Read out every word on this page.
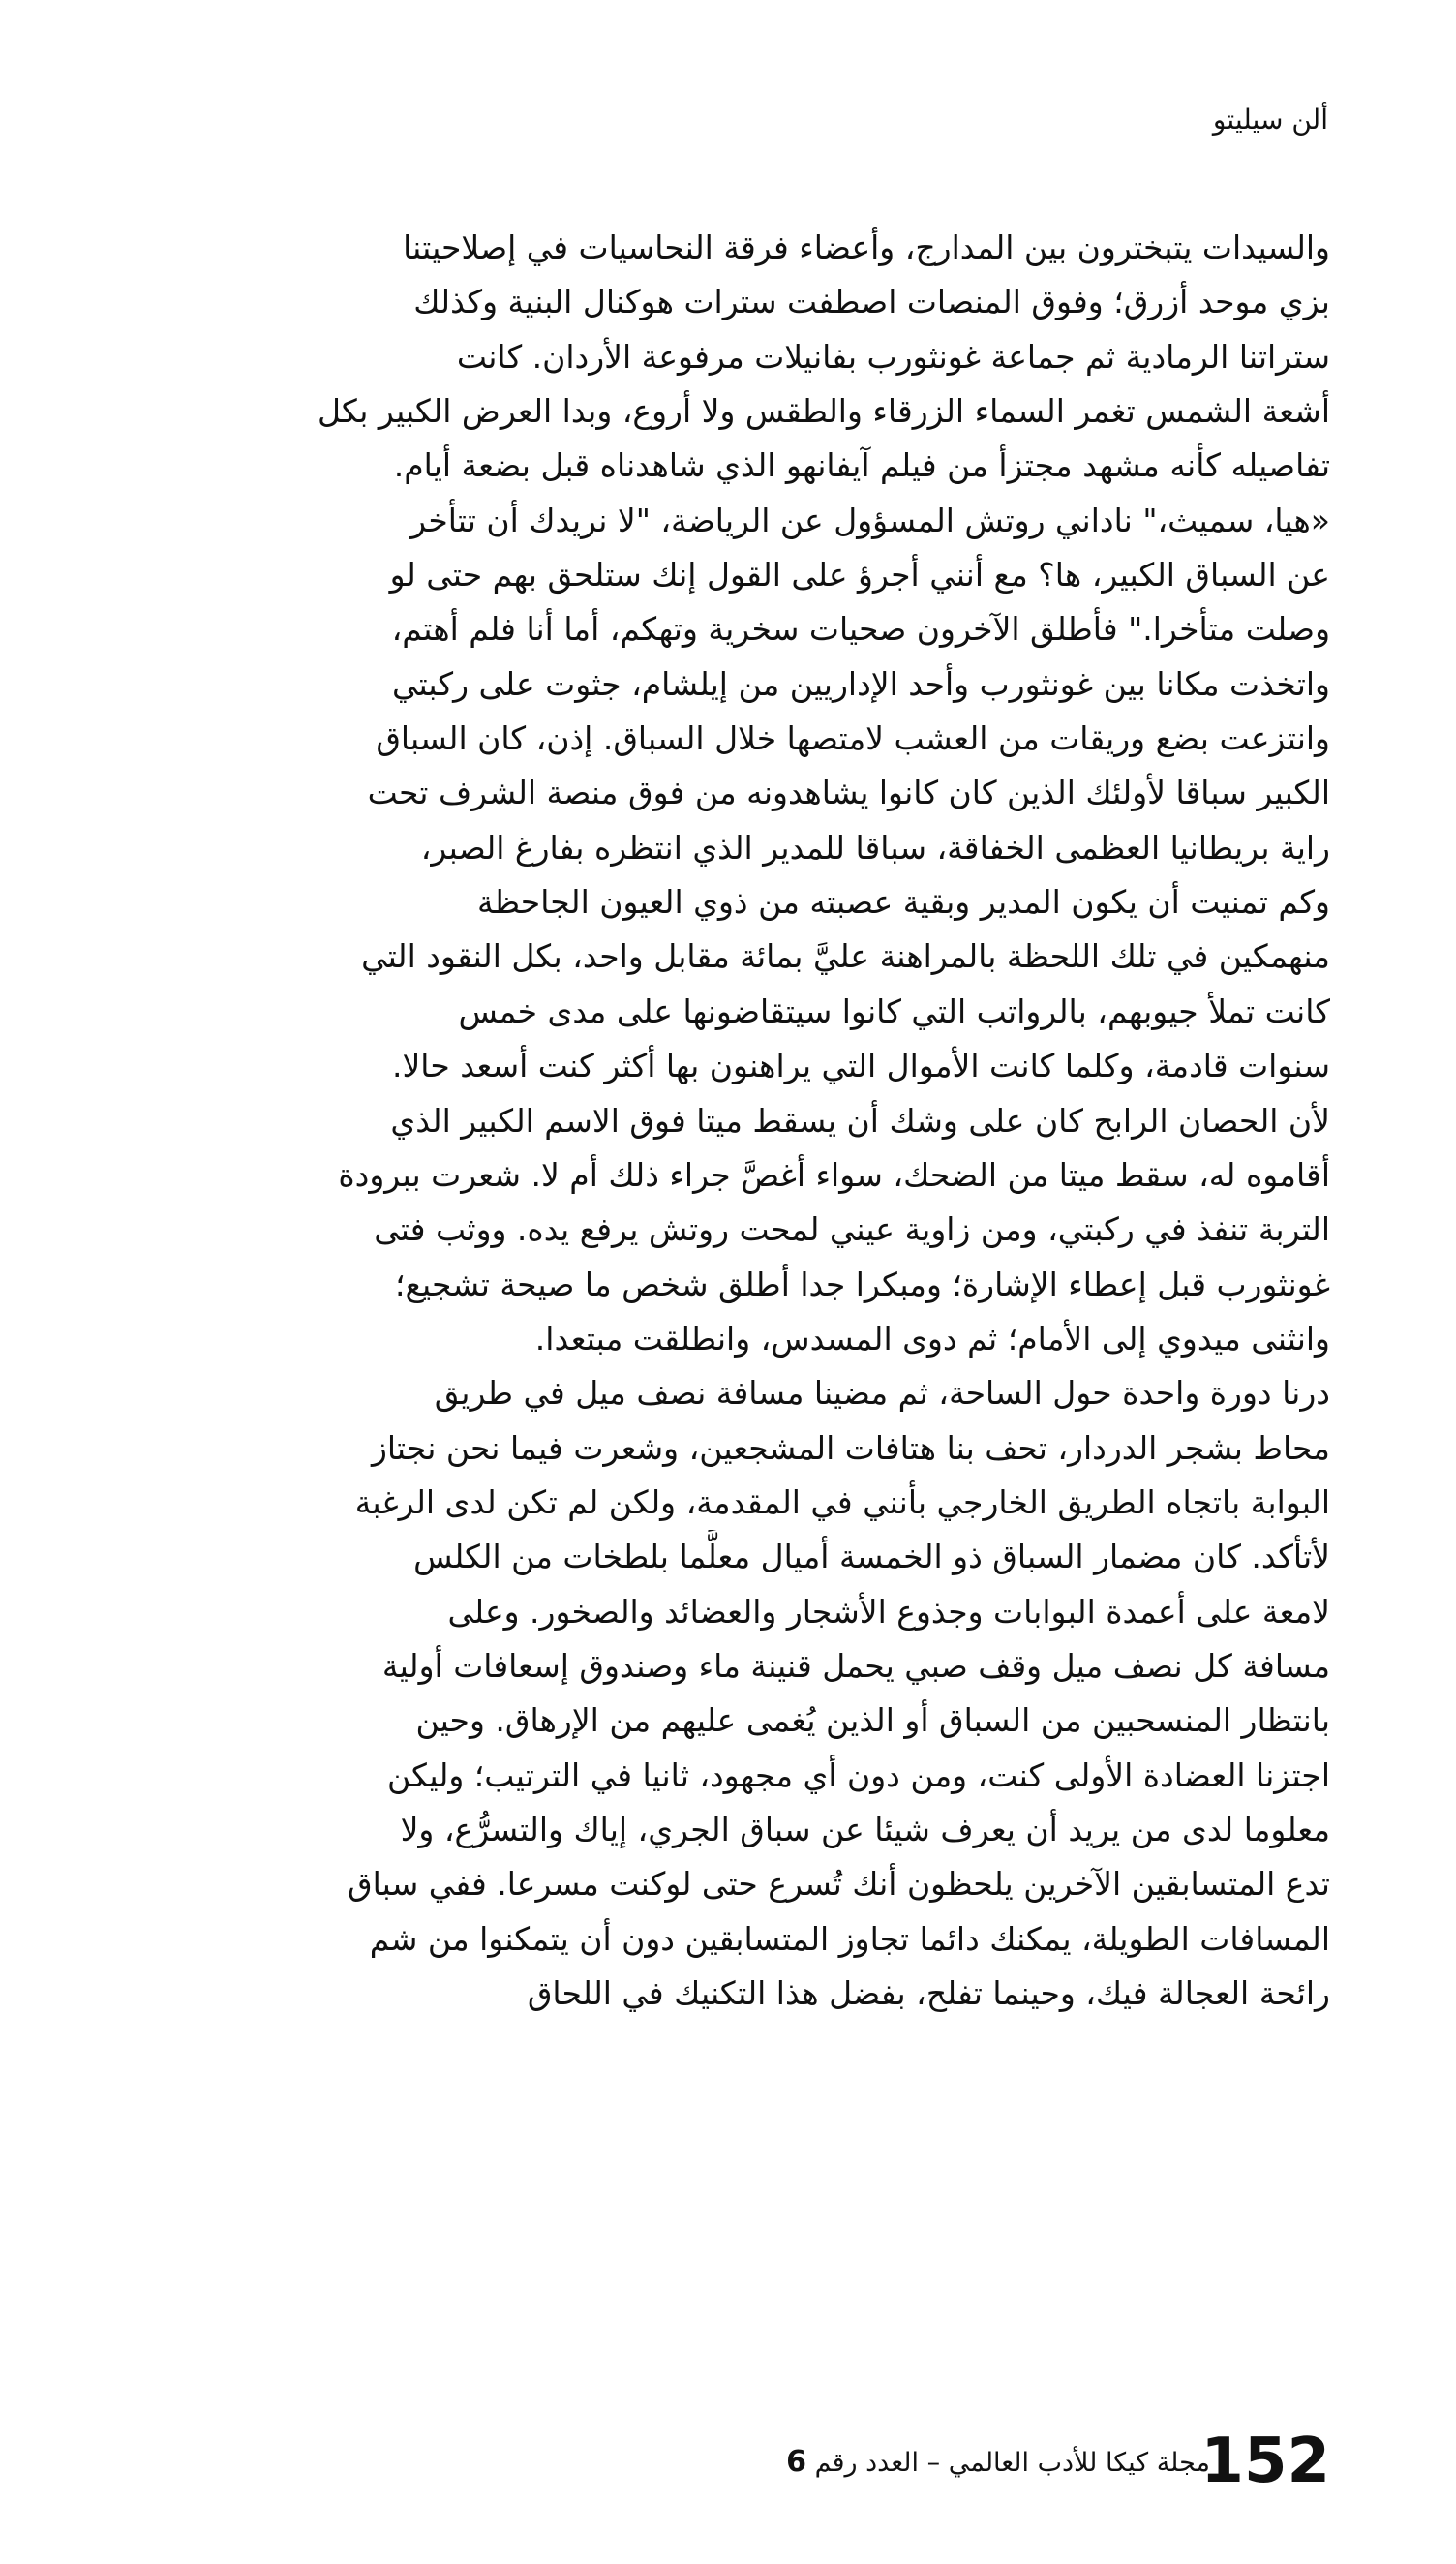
ألن سيليتو
والسيدات يتبخترون بين المدارج، وأعضاء فرقة النحاسيات في إصلاحيتنا
بزي موحد أزرق؛ وفوق المنصات اصطفت سترات هوكنال البنية وكذلك
ستراتنا الرمادية ثم جماعة غونثورب بفانيلات مرفوعة الأردان. كانت
أشعة الشمس تغمر السماء الزرقاء والطقس ولا أروع، وبدا العرض الكبير بكل
تفاصيله كأنه مشهد مجتزأ من فيلم آيفانهو الذي شاهدناه قبل بضعة أيام.
«هيا، سميث،" ناداني روتش المسؤول عن الرياضة، "لا نريدك أن تتأخر
عن السباق الكبير، ها؟ مع أنني أجرؤ على القول إنك ستلحق بهم حتى لو
وصلت متأخرا." فأطلق الآخرون صحيات سخرية وتهكم، أما أنا فلم أهتم،
واتخذت مكانا بين غونثورب وأحد الإداريين من إيلشام، جثوت على ركبتي
وانتزعت بضع وريقات من العشب لامتصها خلال السباق. إذن، كان السباق
الكبير سباقا لأولئك الذين كان كانوا يشاهدونه من فوق منصة الشرف تحت
راية بريطانيا العظمى الخفاقة، سباقا للمدير الذي انتظره بفارغ الصبر،
وكم تمنيت أن يكون المدير وبقية عصبته من ذوي العيون الجاحظة
منهمكين في تلك اللحظة بالمراهنة عليَّ بمائة مقابل واحد، بكل النقود التي
كانت تملأ جيوبهم، بالرواتب التي كانوا سيتقاضونها على مدى خمس
سنوات قادمة، وكلما كانت الأموال التي يراهنون بها أكثر كنت أسعد حالا.
لأن الحصان الرابح كان على وشك أن يسقط ميتا فوق الاسم الكبير الذي
أقاموه له، سقط ميتا من الضحك، سواء أغصَّ جراء ذلك أم لا. شعرت ببرودة
التربة تنفذ في ركبتي، ومن زاوية عيني لمحت روتش يرفع يده. ووثب فتى
غونثورب قبل إعطاء الإشارة؛ ومبكرا جدا أطلق شخص ما صيحة تشجيع؛
وانثنى ميدوي إلى الأمام؛ ثم دوى المسدس، وانطلقت مبتعدا.
درنا دورة واحدة حول الساحة، ثم مضينا مسافة نصف ميل في طريق
محاط بشجر الدردار، تحف بنا هتافات المشجعين، وشعرت فيما نحن نجتاز
البوابة باتجاه الطريق الخارجي بأنني في المقدمة، ولكن لم تكن لدى الرغبة
لأتأكد. كان مضمار السباق ذو الخمسة أميال معلَّما بلطخات من الكلس
لامعة على أعمدة البوابات وجذوع الأشجار والعضائد والصخور. وعلى
مسافة كل نصف ميل وقف صبي يحمل قنينة ماء وصندوق إسعافات أولية
بانتظار المنسحبين من السباق أو الذين يُغمى عليهم من الإرهاق. وحين
اجتزنا العضادة الأولى كنت، ومن دون أي مجهود، ثانيا في الترتيب؛ وليكن
معلوما لدى من يريد أن يعرف شيئا عن سباق الجري، إياك والتسرُّع، ولا
تدع المتسابقين الآخرين يلحظون أنك تُسرع حتى لوكنت مسرعا. ففي سباق
المسافات الطويلة، يمكنك دائما تجاوز المتسابقين دون أن يتمكنوا من شم
رائحة العجالة فيك، وحينما تفلح، بفضل هذا التكنيك في اللحاق
152
مجلة كيكا للأدب العالمي – العدد رقم 6
